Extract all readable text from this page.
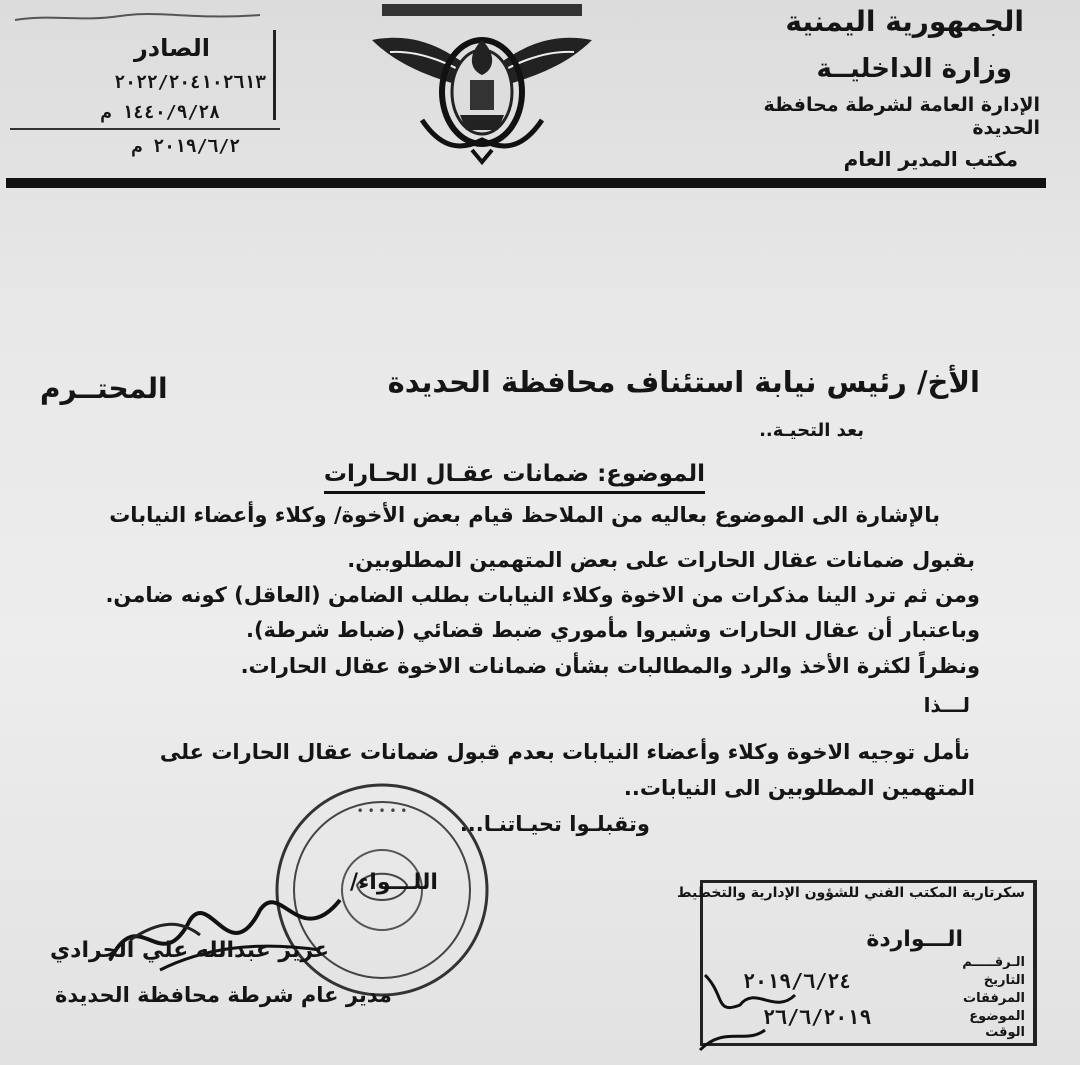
الجمهورية اليمنية
وزارة الداخليــة
الإدارة العامة لشرطة محافظة الحديدة
مكتب المدير العام
الصادر
٢٠٢٢/٢٠٤١٠٢٦١٣
١٤٤٠/٩/٢٨ م
٢٠١٩/٦/٢ م
الأخ/ رئيس نيابة استئناف محافظة الحديدة
المحتــرم
بعد التحيـة..
الموضوع: ضمانات عقـال الحـارات
بالإشارة الى الموضوع بعاليه من الملاحظ قيام بعض الأخوة/ وكلاء وأعضاء النيابات
بقبول ضمانات عقال الحارات على بعض المتهمين المطلوبين.
ومن ثم ترد الينا مذكرات من الاخوة وكلاء النيابات بطلب الضامن (العاقل) كونه ضامن.
وباعتبار أن عقال الحارات وشيروا مأموري ضبط قضائي (ضباط شرطة).
ونظراً لكثرة الأخذ والرد والمطالبات بشأن ضمانات الاخوة عقال الحارات.
لـــذا
نأمل توجيه الاخوة وكلاء وأعضاء النيابات بعدم قبول ضمانات عقال الحارات على
المتهمين المطلوبين الى النيابات..
وتقبلـوا تحيـاتنـا...
• • • • •
اللـــواء/
عزيز عبدالله علي الجرادي
مدير عام شرطة محافظة الحديدة
سكرتارية المكتب الفني للشؤون الإدارية والتخطيط
الـــواردة
الـرقـــــم
التاريخ
المرفقات
الموضوع
الوقت
٢٠١٩/٦/٢٤
٢٦/٦/٢٠١٩
